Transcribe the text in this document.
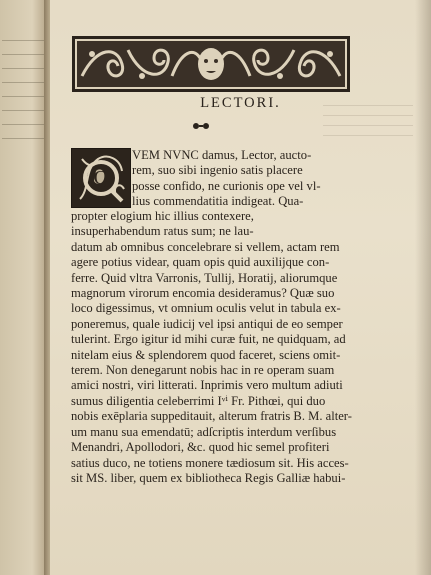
LECTORI.
Q
VEM NVNC damus, Lector, aucto-
rem, suo sibi ingenio satis placere
posse confido, ne curionis ope vel vl-
lius commendatitia indigeat. Qua-
propter elogium hic illius contexere,
insuperhabendum ratus sum; ne lau-
datum ab omnibus concelebrare si vellem, actam rem
agere potius videar, quam opis quid auxilijque con-
ferre. Quid vltra Varronis, Tullij, Horatij, aliorumque
magnorum virorum encomia desideramus? Quæ suo
loco digessimus, vt omnium oculis velut in tabula ex-
poneremus, quale iudicij vel ipsi antiqui de eo semper
tulerint. Ergo igitur id mihi curæ fuit, ne quidquam, ad
nitelam eius & splendorem quod faceret, sciens omit-
terem. Non denegarunt nobis hac in re operam suam
amici nostri, viri litterati. Inprimis vero multum adiuti
sumus diligentia celeberrimi Iᵛⁱ Fr. Pithœi, qui duo
nobis exēplaria suppeditauit, alterum fratris B. M. alter-
um manu sua emendatū; adſcriptis interdum verſibus
Menandri, Apollodori, &c. quod hic semel profiteri
satius duco, ne totiens monere tædiosum sit. His acces-
sit MS. liber, quem ex bibliotheca Regis Galliæ habui-
